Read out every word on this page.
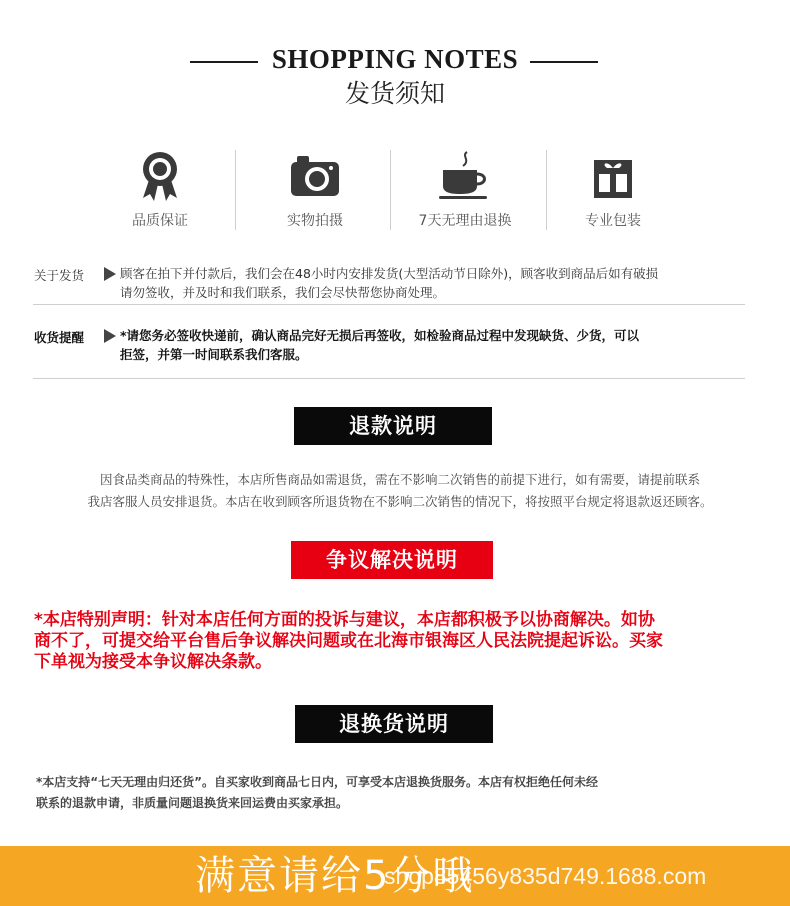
SHOPPING NOTES
发货须知
品质保证	实物拍摄	7天无理由退换	专业包装
关于发货	顾客在拍下并付款后，我们会在48小时内安排发货(大型活动节日除外)，顾客收到商品后如有破损
请勿签收，并及时和我们联系，我们会尽快帮您协商处理。
收货提醒	*请您务必签收快递前，确认商品完好无损后再签收，如检验商品过程中发现缺货、少货，可以
拒签，并第一时间联系我们客服。
退款说明
因食品类商品的特殊性，本店所售商品如需退货，需在不影响二次销售的前提下进行，如有需要，请提前联系
我店客服人员安排退货。本店在收到顾客所退货物在不影响二次销售的情况下，将按照平台规定将退款返还顾客。
争议解决说明
*本店特别声明：针对本店任何方面的投诉与建议，本店都积极予以协商解决。如协
商不了，可提交给平台售后争议解决问题或在北海市银海区人民法院提起诉讼。买家
下单视为接受本争议解决条款。
退换货说明
*本店支持“七天无理由归还货”。自买家收到商品七日内，可享受本店退换货服务。本店有权拒绝任何未经
联系的退款申请，非质量问题退换货来回运费由买家承担。
满意请给5分哦
shop85456y835d749.1688.com
